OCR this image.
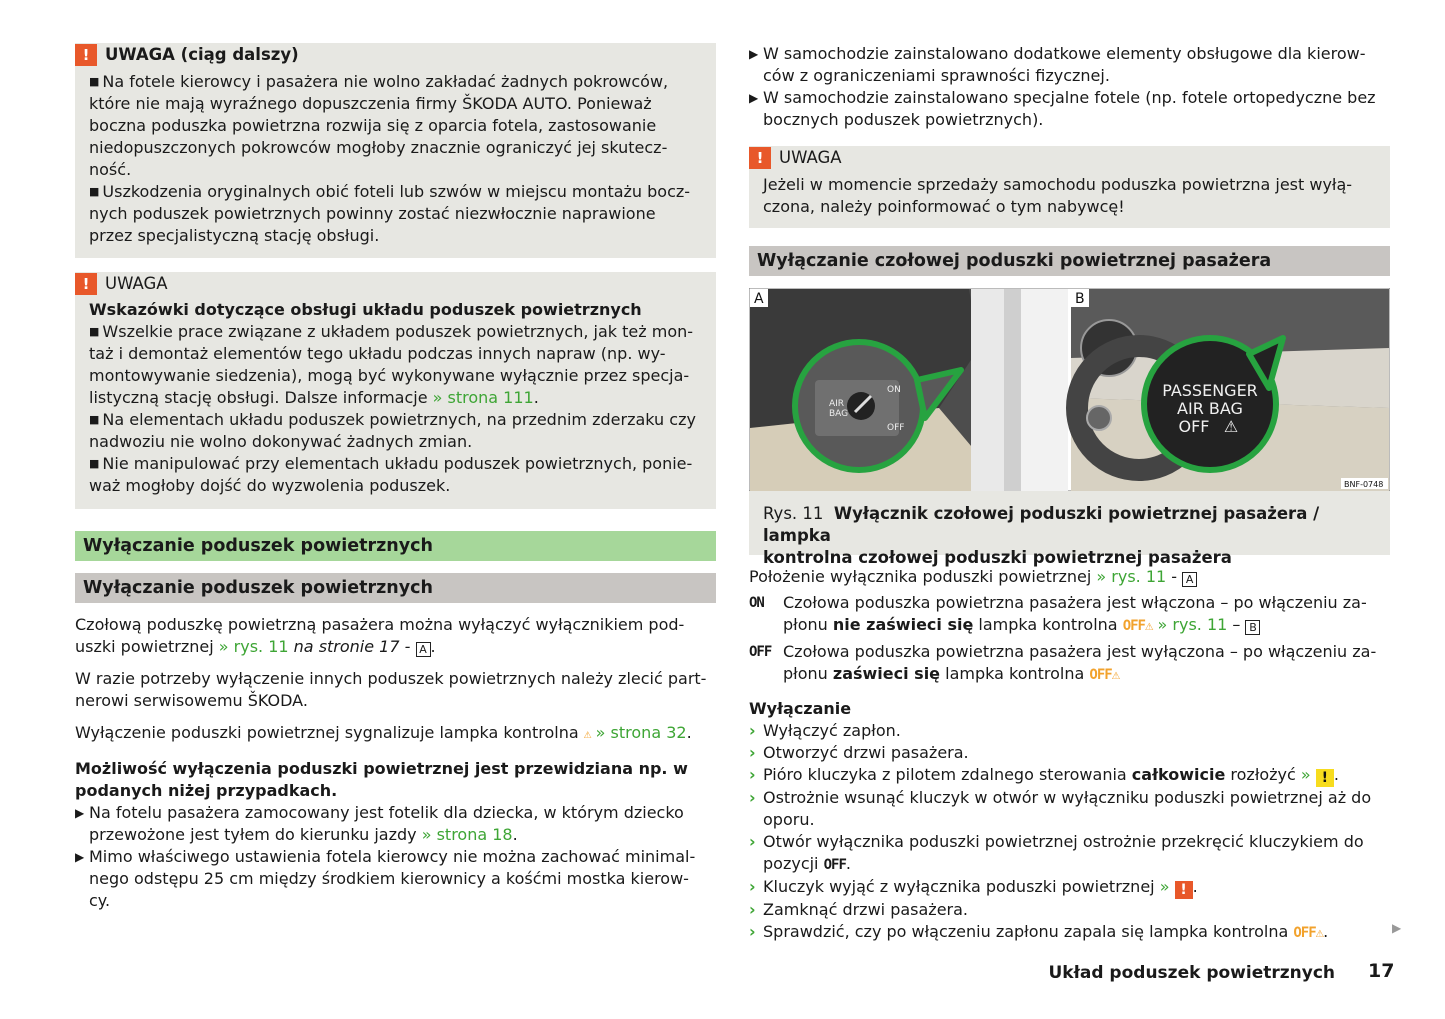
! UWAGA (ciąg dalszy)

■ Na fotele kierowcy i pasażera nie wolno zakładać żadnych pokrowców,

które nie mają wyraźnego dopuszczenia firmy ŠKODA AUTO. Ponieważ

boczna poduszka powietrzna rozwija się z oparcia fotela, zastosowanie

niedopuszczonych pokrowców mogłoby znacznie ograniczyć jej skutecz-

ność.

■ Uszkodzenia oryginalnych obić foteli lub szwów w miejscu montażu bocz-

nych poduszek powietrznych powinny zostać niezwłocznie naprawione

przez specjalistyczną stację obsługi.

! UWAGA

Wskazówki dotyczące obsługi układu poduszek powietrznych

■ Wszelkie prace związane z układem poduszek powietrznych, jak też mon-

taż i demontaż elementów tego układu podczas innych napraw (np. wy-

montowywanie siedzenia), mogą być wykonywane wyłącznie przez specja-

listyczną stację obsługi. Dalsze informacje » strona 111.

■ Na elementach układu poduszek powietrznych, na przednim zderzaku czy

nadwoziu nie wolno dokonywać żadnych zmian.

■ Nie manipulować przy elementach układu poduszek powietrznych, ponie-

waż mogłoby dojść do wyzwolenia poduszek.

Wyłączanie poduszek powietrznych
Wyłączanie poduszek powietrznych

Czołową poduszkę powietrzną pasażera można wyłączyć wyłącznikiem pod-

uszki powietrznej » rys. 11 na stronie 17 - A .

W razie potrzeby wyłączenie innych poduszek powietrznych należy zlecić part-

nerowi serwisowemu ŠKODA.

Wyłączenie poduszki powietrznej sygnalizuje lampka kontrolna ⚠ » strona 32.

Możliwość wyłączenia poduszki powietrznej jest przewidziana np. w

podanych niżej przypadkach.

▶ Na fotelu pasażera zamocowany jest fotelik dla dziecka, w którym dziecko

przewożone jest tyłem do kierunku jazdy » strona 18.

▶ Mimo właściwego ustawienia fotela kierowcy nie można zachować minimal-

nego odstępu 25 cm między środkiem kierownicy a kośćmi mostka kierow-

cy.

▶ W samochodzie zainstalowano dodatkowe elementy obsługowe dla kierow-

ców z ograniczeniami sprawności fizycznej.

▶ W samochodzie zainstalowano specjalne fotele (np. fotele ortopedyczne bez

bocznych poduszek powietrznych).

! UWAGA

Jeżeli w momencie sprzedaży samochodu poduszka powietrzna jest wyłą-

czona, należy poinformować o tym nabywcę!

Wyłączanie czołowej poduszki powietrznej pasażera
AIR
BAG
ON
OFF
A
PASSENGER
AIR BAG
OFF ⚠
B
BNF-0748

Rys. 11 Wyłącznik czołowej poduszki powietrznej pasażera / lampka

kontrolna czołowej poduszki powietrznej pasażera

Położenie wyłącznika poduszki powietrznej » rys. 11 - A

ON	Czołowa poduszka powietrzna pasażera jest włączona – po włączeniu za-

płonu nie zaświeci się lampka kontrolna OFF⚠ » rys. 11 – B

OFF Czołowa poduszka powietrzna pasażera jest wyłączona – po włączeniu za-

płonu zaświeci się lampka kontrolna OFF⚠

Wyłączanie

› Wyłączyć zapłon.

› Otworzyć drzwi pasażera.

› Pióro kluczyka z pilotem zdalnego sterowania całkowicie rozłożyć » ! .

› Ostrożnie wsunąć kluczyk w otwór w wyłączniku poduszki powietrznej aż do

oporu.

› Otwór wyłącznika poduszki powietrznej ostrożnie przekręcić kluczykiem do

pozycji OFF.

› Kluczyk wyjąć z wyłącznika poduszki powietrznej » ! .

› Zamknąć drzwi pasażera.

› Sprawdzić, czy po włączeniu zapłonu zapala się lampka kontrolna OFF⚠.	▶
Układ poduszek powietrznych 17
